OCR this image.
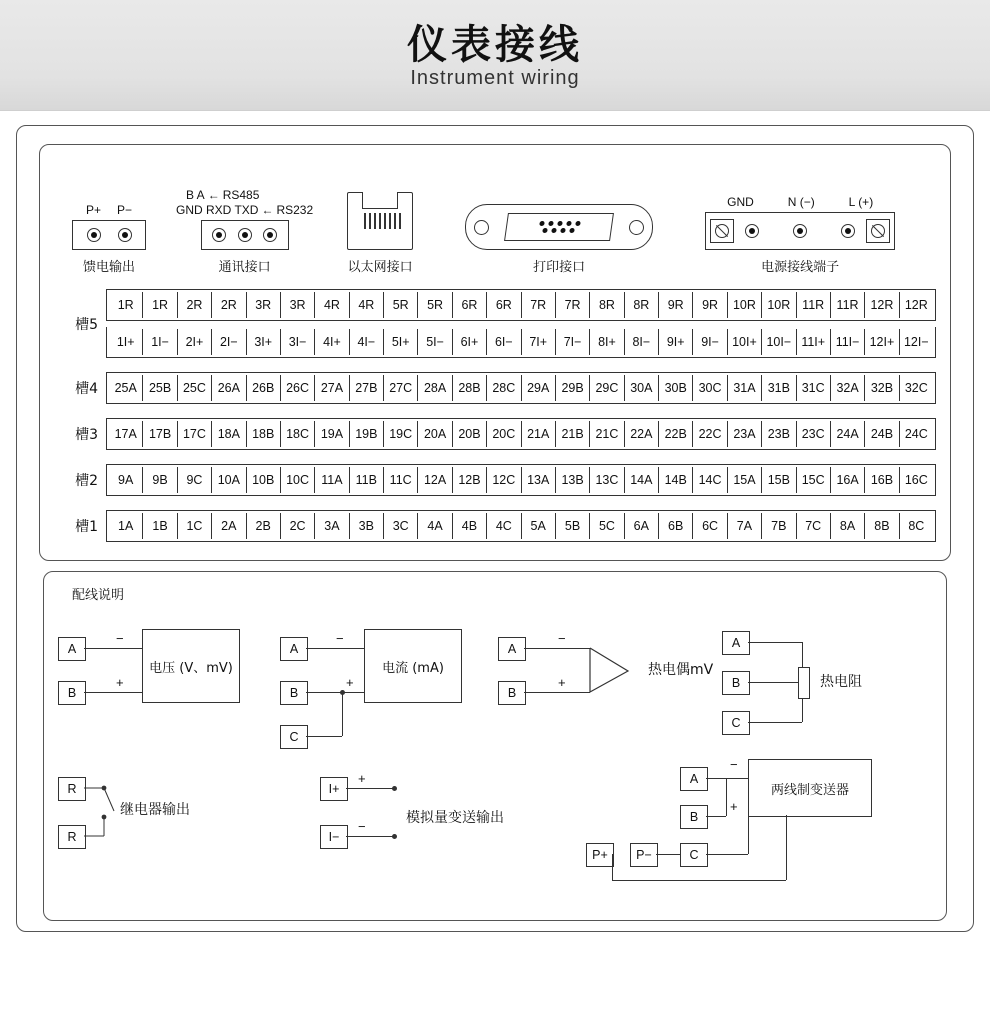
仪表接线
Instrument wiring
P+ P−
馈电输出
B A ← RS485
GND RXD TXD ← RS232
通讯接口	以太网接口	打印接口
GND	N (−)	L (+)
电源接线端子
槽5
1R	1R	2R	2R	3R	3R	4R	4R	5R	5R	6R	6R	7R	7R	8R	8R	9R	9R	10R 10R 11R 11R 12R 12R
1I+	1I−	2I+	2I−	3I+	3I−	4I+	4I−	5I+	5I−	6I+	6I−	7I+	7I−	8I+	8I−	9I+	9I−	10I+ 10I− 11I+ 11I− 12I+ 12I−
槽4	25A 25B 25C 26A 26B 26C 27A 27B 27C 28A 28B 28C 29A 29B 29C 30A 30B 30C 31A 31B 31C 32A 32B 32C
槽3	17A 17B 17C 18A 18B 18C 19A 19B 19C 20A 20B 20C 21A 21B 21C 22A 22B 22C 23A 23B 23C 24A 24B 24C
槽2	9A	9B	9C	10A 10B 10C 11A	11B	11C 12A 12B 12C 13A 13B 13C 14A 14B 14C 15A 15B 15C 16A 16B 16C
槽1	1A	1B	1C	2A	2B	2C	3A	3B	3C	4A	4B	4C	5A	5B	5C	6A	6B	6C	7A	7B	7C	8A	8B	8C
配线说明
A
B
电压 (V、mV)
−
+
A
B
C
电流 (mA)
−
+
A
B
热电偶mV
−
+
A
B
C
热电阻
R
R
继电器输出
I+
I−
+
−
模拟量变送输出
A
B
C
P+	P−
两线制变送器
−
+
